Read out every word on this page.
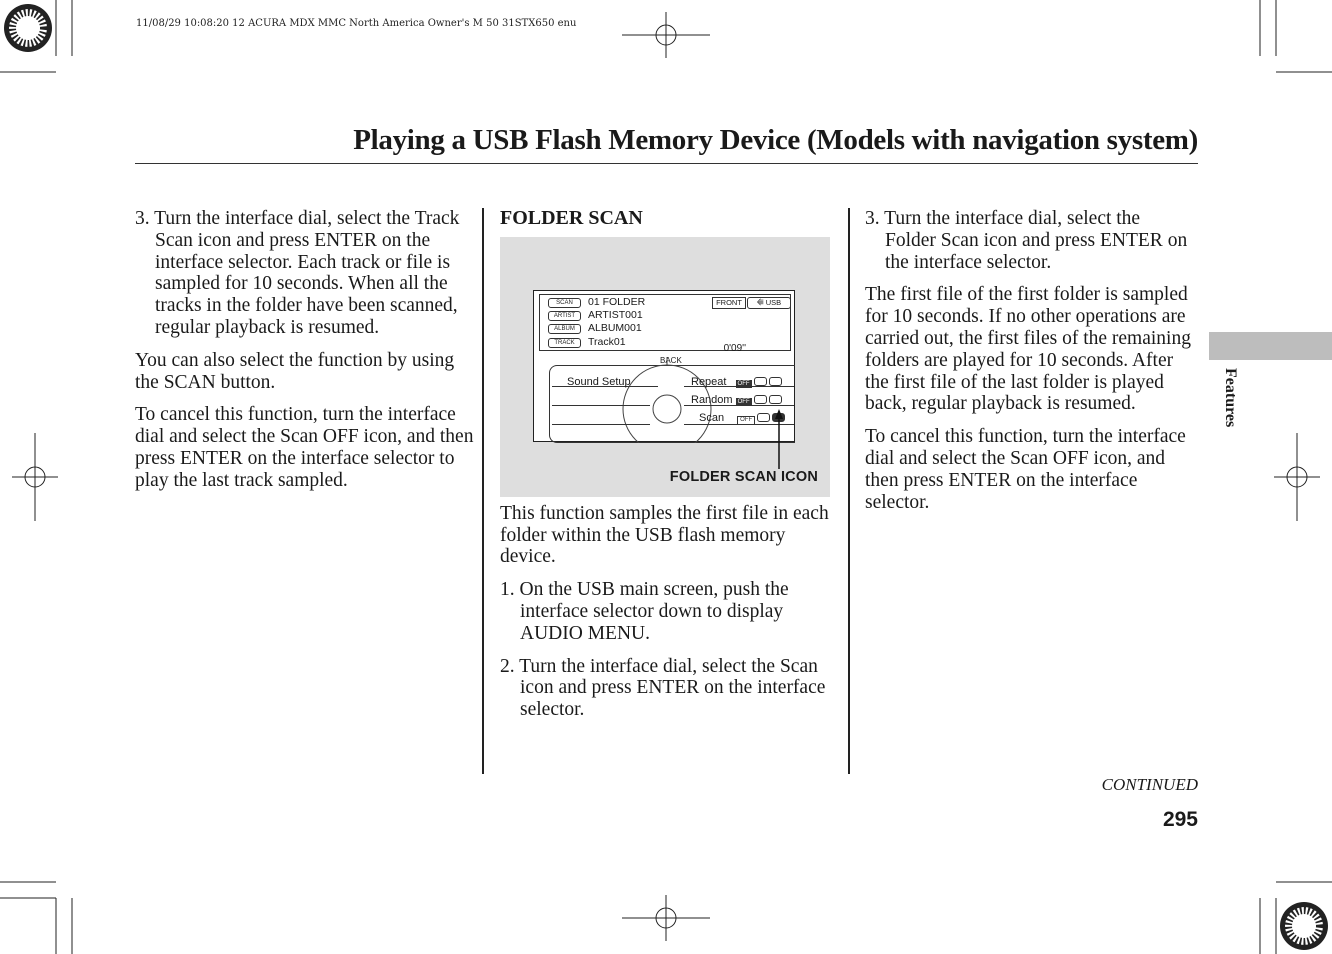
11/08/29 10:08:20 12 ACURA MDX MMC North America Owner's M 50 31STX650 enu
Playing a USB Flash Memory Device (Models with navigation system)

3. Turn the interface dial, select the Track Scan icon and press ENTER on the interface selector. Each track or file is sampled for 10 seconds. When all the tracks in the folder have been scanned, regular playback is resumed.

You can also select the function by using the SCAN button.

To cancel this function, turn the interface dial and select the Scan OFF icon, and then press ENTER on the interface selector to play the last track sampled.

FOLDER SCAN
SCAN	01 FOLDER
ARTIST	ARTIST001
ALBUM	ALBUM001
TRACK	Track01
FRONT	⭅ USB
0'09''
BACK
Sound Setup	Repeat OFF
Random OFF
Scan	OFF
FOLDER SCAN ICON

This function samples the first file in each folder within the USB flash memory device.

1. On the USB main screen, push the interface selector down to display AUDIO MENU.

2. Turn the interface dial, select the Scan icon and press ENTER on the interface selector.

3. Turn the interface dial, select the Folder Scan icon and press ENTER on the interface selector.

The first file of the first folder is sampled for 10 seconds. If no other operations are carried out, the first files of the remaining folders are played for 10 seconds. After the first file of the last folder is played back, regular playback is resumed.

To cancel this function, turn the interface dial and select the Scan OFF icon, and then press ENTER on the interface selector.

Features
CONTINUED
295
